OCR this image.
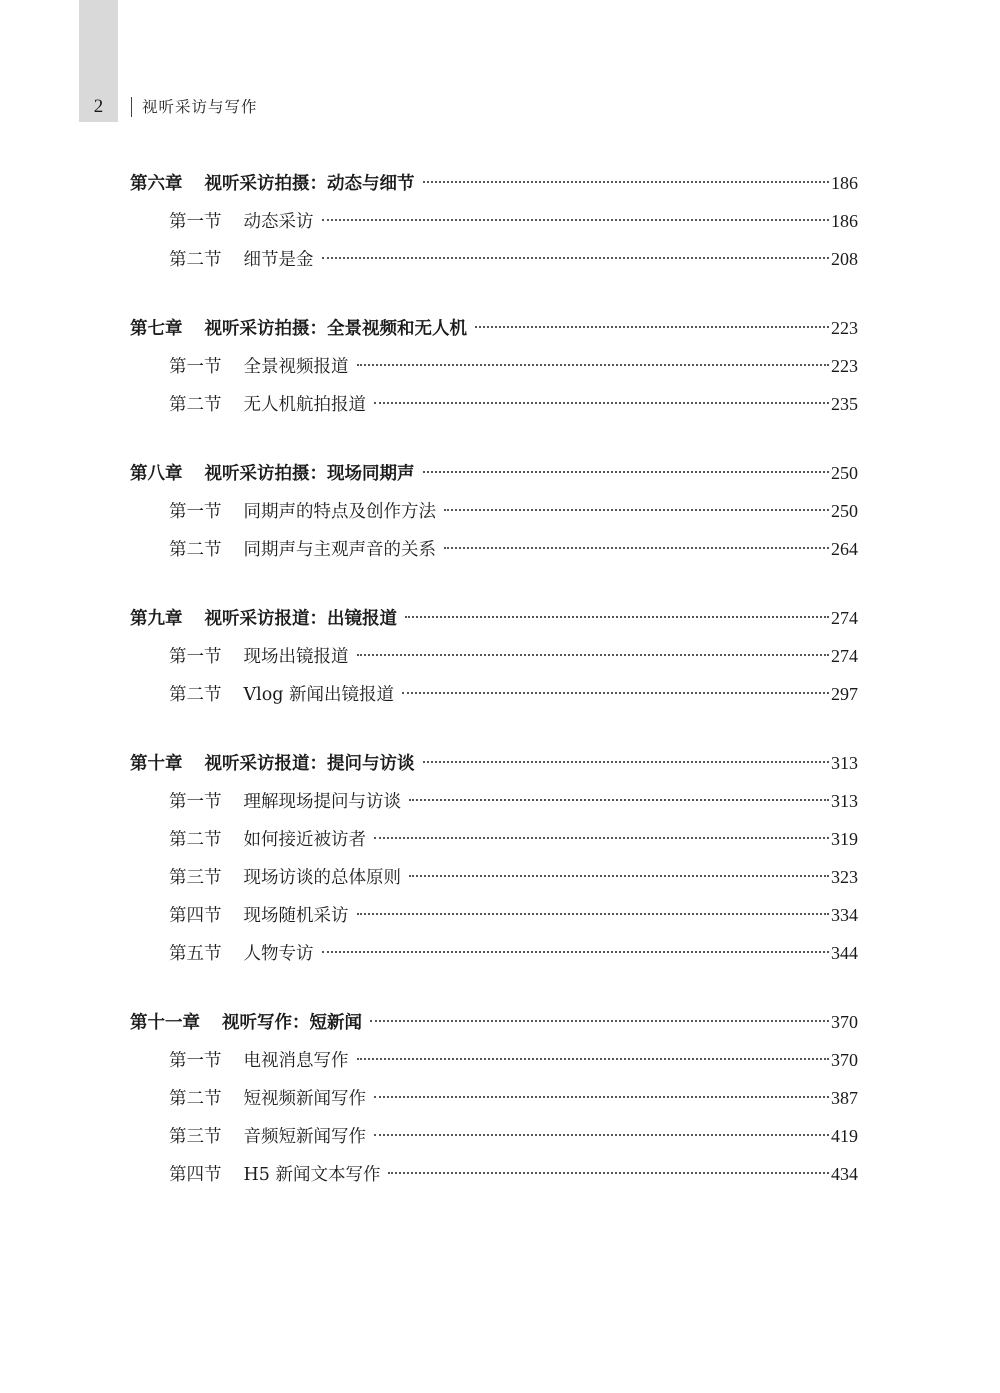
2	视听采访与写作
第六章 视听采访拍摄：动态与细节	186
第一节 动态采访	186
第二节 细节是金	208
第七章 视听采访拍摄：全景视频和无人机	223
第一节 全景视频报道	223
第二节 无人机航拍报道	235
第八章 视听采访拍摄：现场同期声	250
第一节 同期声的特点及创作方法	250
第二节 同期声与主观声音的关系	264
第九章 视听采访报道：出镜报道	274
第一节 现场出镜报道	274
第二节 Vlog 新闻出镜报道	297
第十章 视听采访报道：提问与访谈	313
第一节 理解现场提问与访谈	313
第二节 如何接近被访者	319
第三节 现场访谈的总体原则	323
第四节 现场随机采访	334
第五节 人物专访	344
第十一章 视听写作：短新闻	370
第一节 电视消息写作	370
第二节 短视频新闻写作	387
第三节 音频短新闻写作	419
第四节 H5 新闻文本写作	434
